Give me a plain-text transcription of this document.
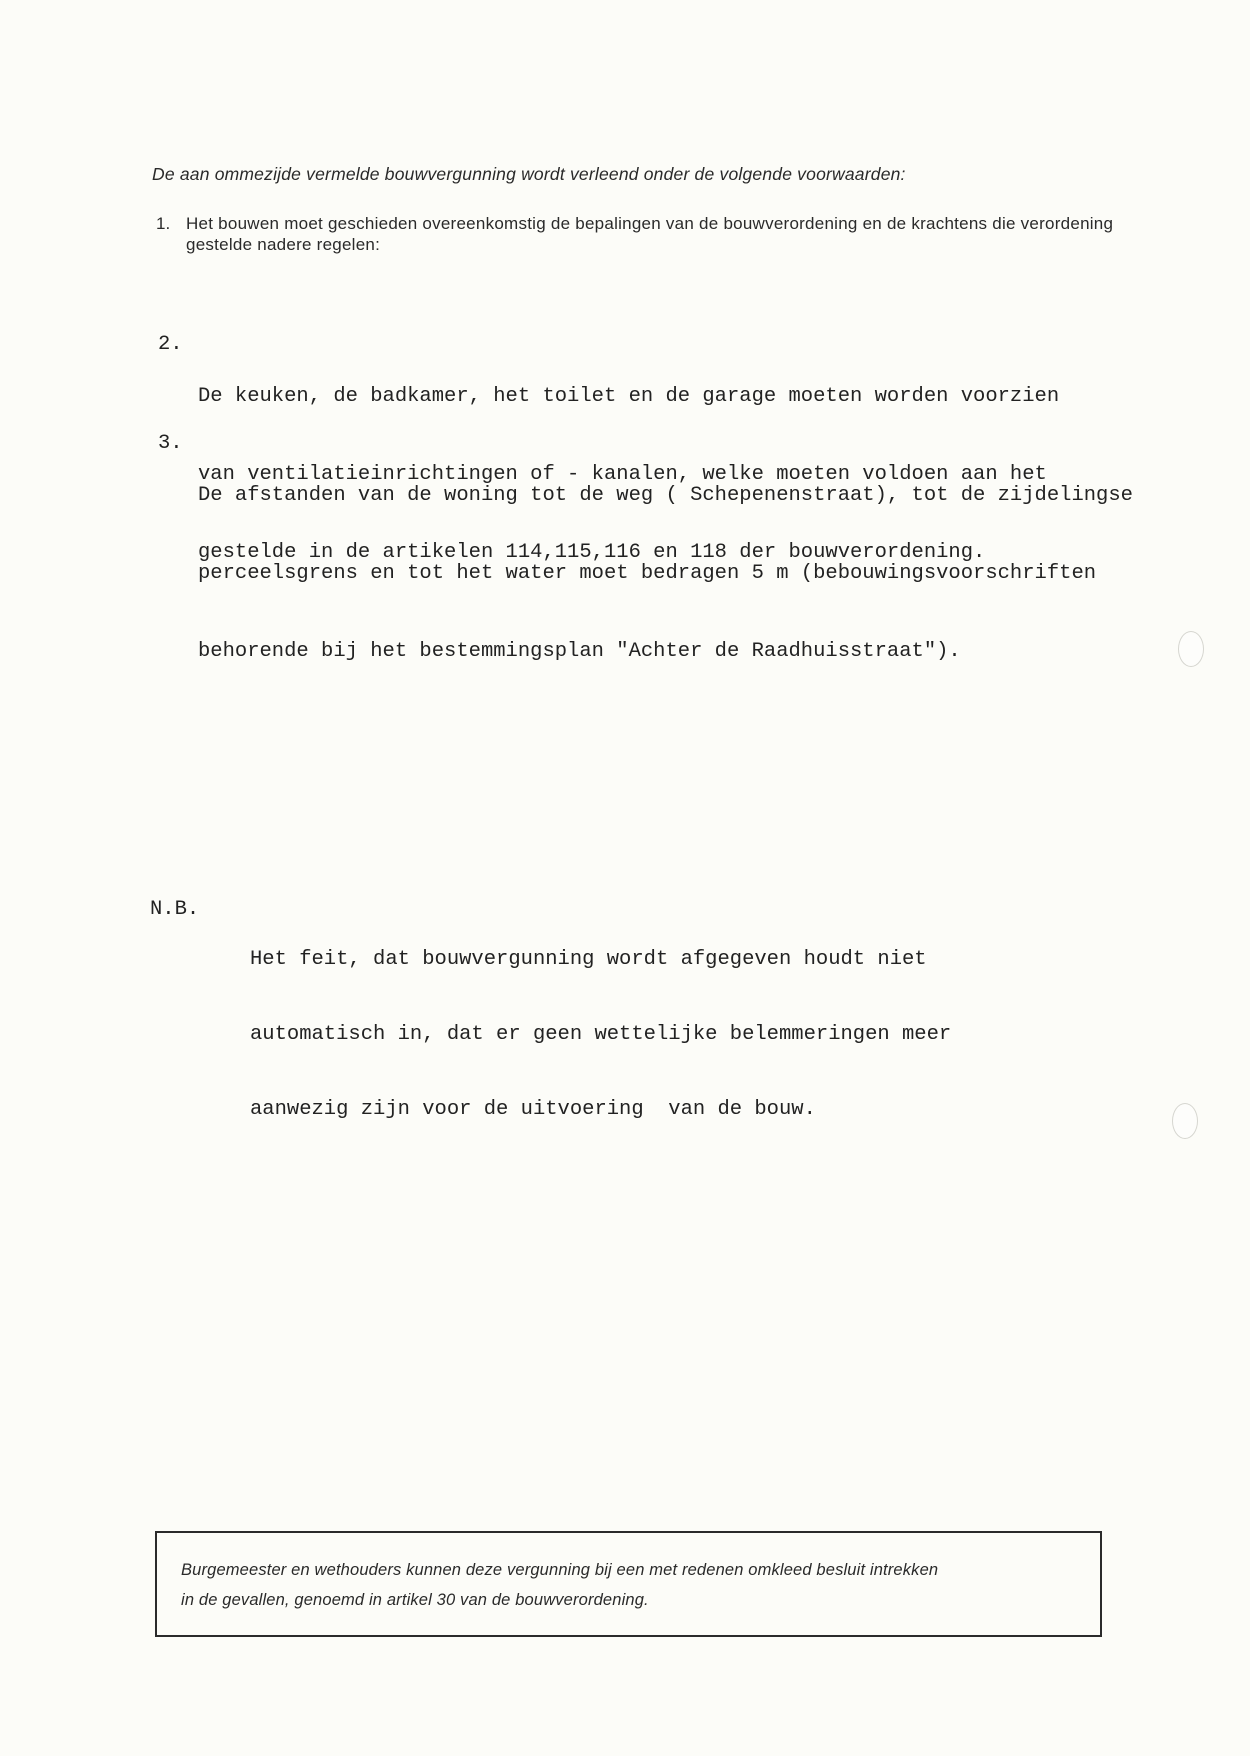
De aan ommezijde vermelde bouwvergunning wordt verleend onder de volgende voorwaarden:
1. Het bouwen moet geschieden overeenkomstig de bepalingen van de bouwverordening en de krachtens die verordening gestelde nadere regelen:

2.

De keuken, de badkamer, het toilet en de garage moeten worden voorzien

van ventilatieinrichtingen of - kanalen, welke moeten voldoen aan het

gestelde in de artikelen 114,115,116 en 118 der bouwverordening.

3.

De afstanden van de woning tot de weg ( Schepenenstraat), tot de zijdelingse

perceelsgrens en tot het water moet bedragen 5 m (bebouwingsvoorschriften

behorende bij het bestemmingsplan "Achter de Raadhuisstraat").

N.B.

Het feit, dat bouwvergunning wordt afgegeven houdt niet

automatisch in, dat er geen wettelijke belemmeringen meer

aanwezig zijn voor de uitvoering  van de bouw.

Burgemeester en wethouders kunnen deze vergunning bij een met redenen omkleed besluit intrekken
in de gevallen, genoemd in artikel 30 van de bouwverordening.
